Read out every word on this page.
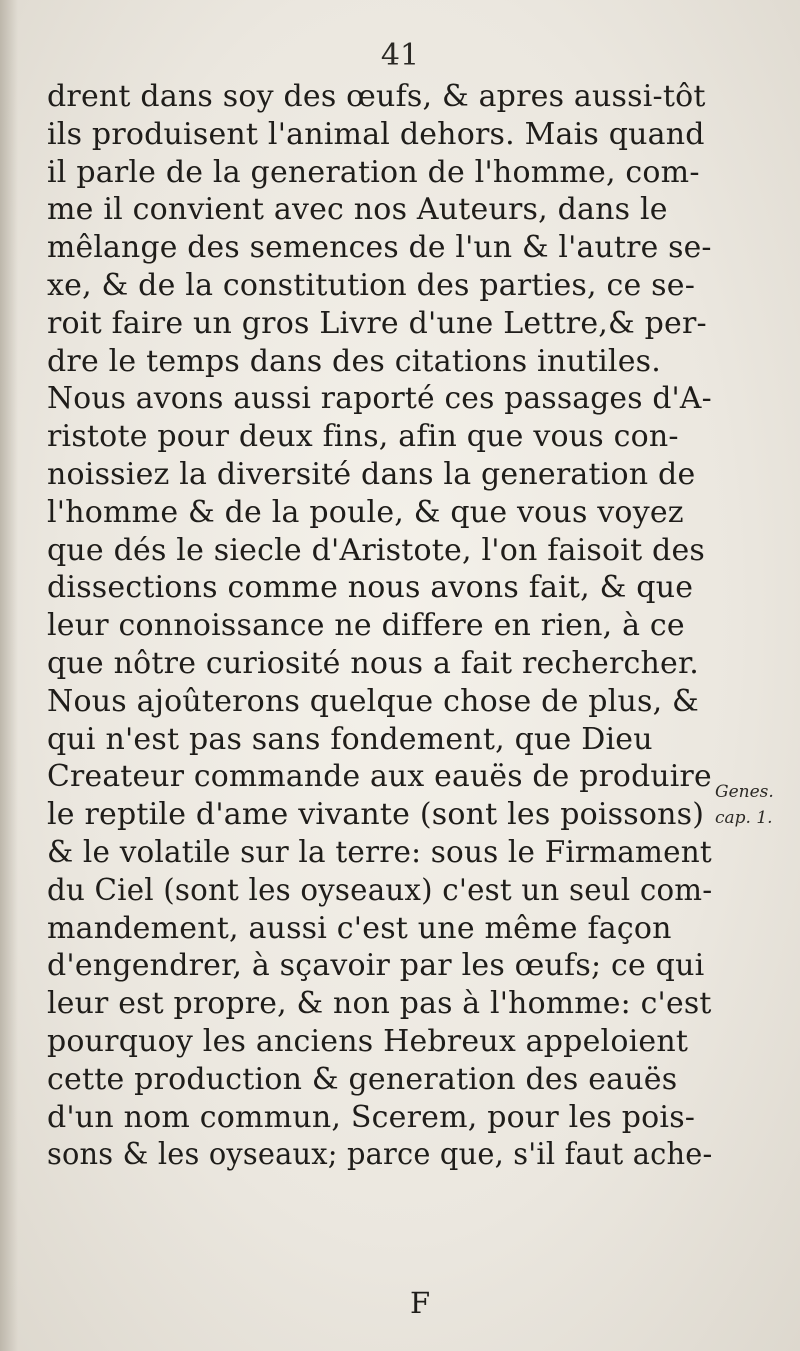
41
drent dans soy des œufs, & apres aussi-tôt
ils produisent l'animal dehors. Mais quand
il parle de la generation de l'homme, com-
me il convient avec nos Auteurs, dans le
mêlange des semences de l'un & l'autre se-
xe, & de la constitution des parties, ce se-
roit faire un gros Livre d'une Lettre,& per-
dre le temps dans des citations inutiles.
Nous avons aussi raporté ces passages d'A-
ristote pour deux fins, afin que vous con-
noissiez la diversité dans la generation de
l'homme & de la poule, & que vous voyez
que dés le siecle d'Aristote, l'on faisoit des
dissections comme nous avons fait, & que
leur connoissance ne differe en rien, à ce
que nôtre curiosité nous a fait rechercher.
Nous ajoûterons quelque chose de plus, &
qui n'est pas sans fondement, que Dieu
Createur commande aux eauës de produire
le reptile d'ame vivante (sont les poissons)
& le volatile sur la terre: sous le Firmament
du Ciel (sont les oyseaux) c'est un seul com-
mandement, aussi c'est une même façon
d'engendrer, à sçavoir par les œufs; ce qui
leur est propre, & non pas à l'homme: c'est
pourquoy les anciens Hebreux appeloient
cette production & generation des eauës
d'un nom commun, Scerem, pour les pois-
sons & les oyseaux; parce que, s'il faut ache-
Genes.
cap. 1.
F
